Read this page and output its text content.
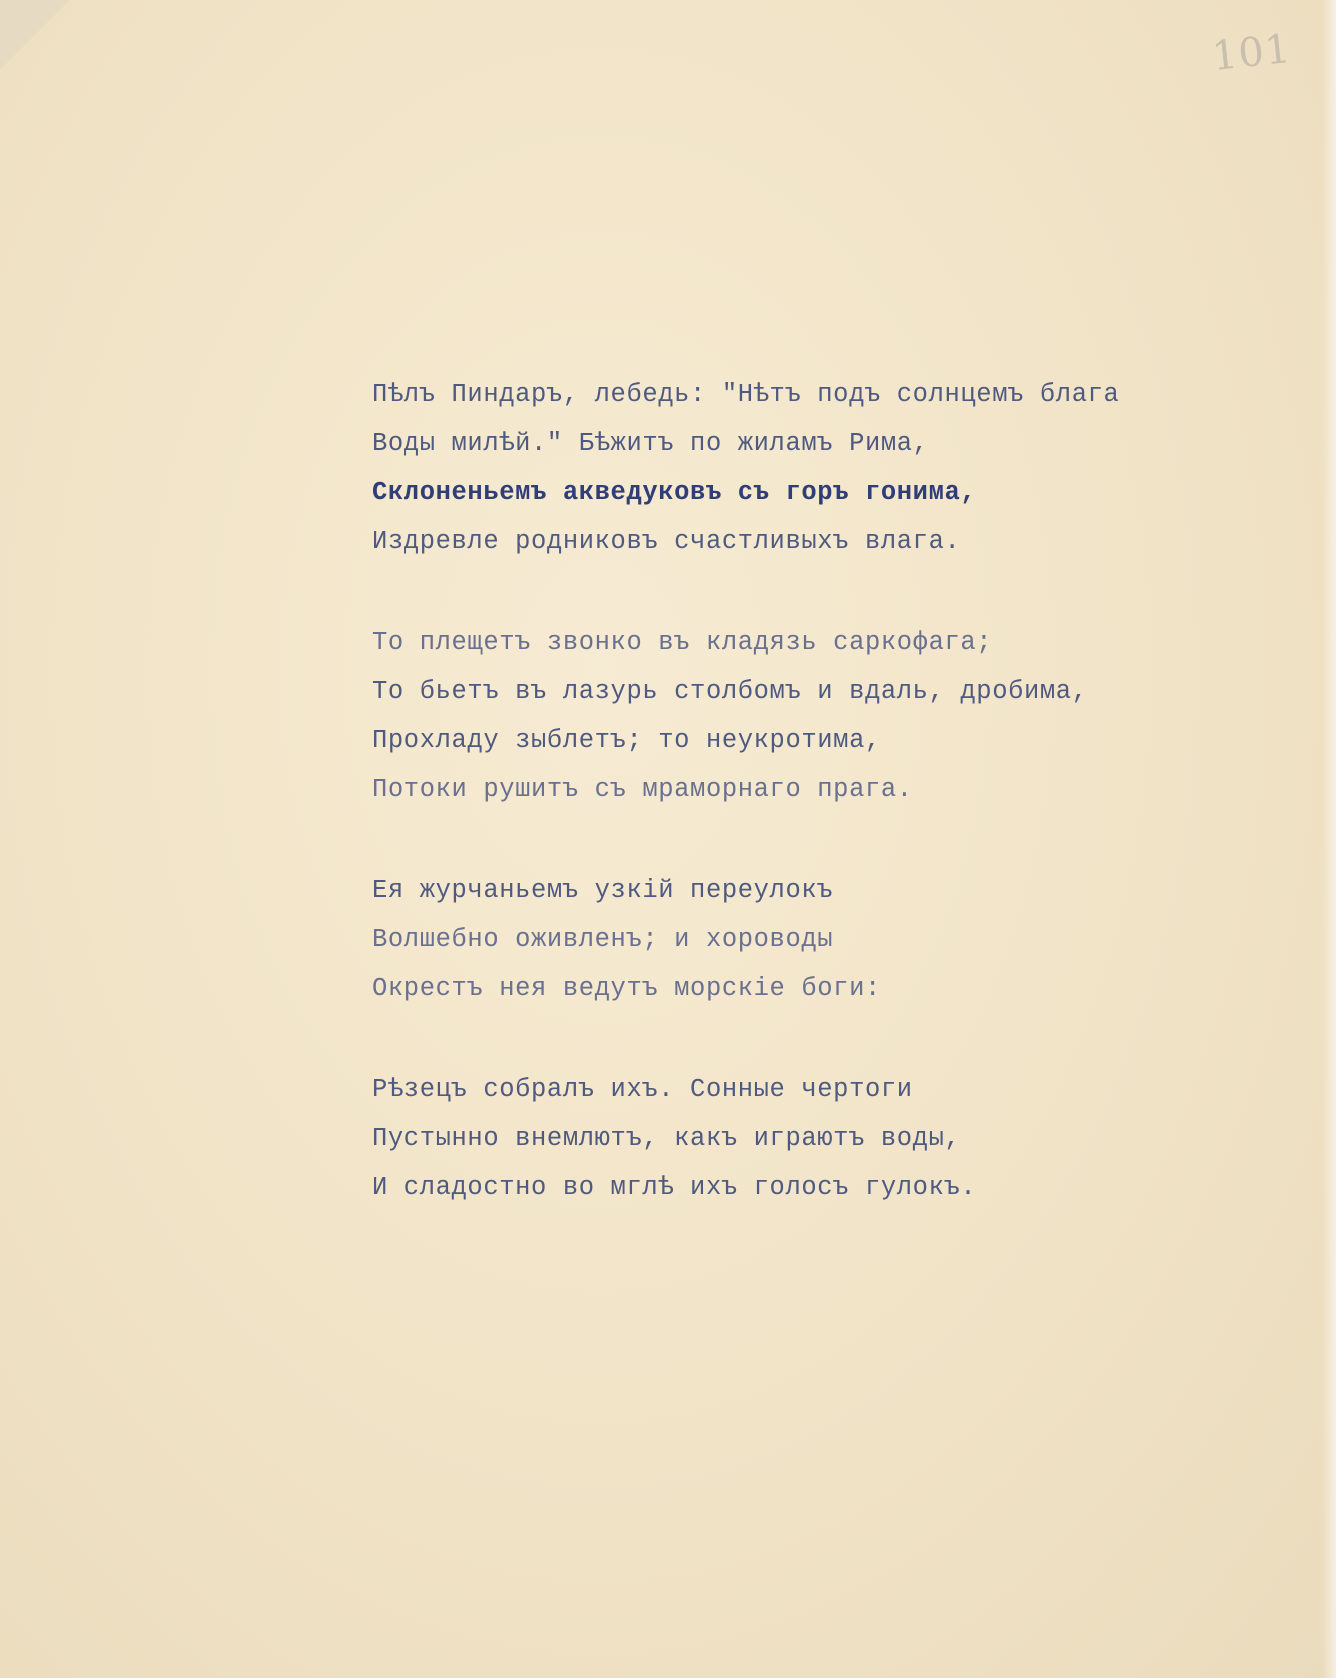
101
Пѣлъ Пиндаръ, лебедь: "Нѣтъ подъ солнцемъ блага
Воды милѣй." Бѣжитъ по жиламъ Рима,
Склоненьемъ акведуковъ съ горъ гонима,
Издревле родниковъ счастливыхъ влага.
То плещетъ звонко въ кладязь саркофага;
То бьетъ въ лазурь столбомъ и вдаль, дробима,
Прохладу зыблетъ; то неукротима,
Потоки рушитъ съ мраморнаго прага.
Ея журчаньемъ узкій переулокъ
Волшебно оживленъ; и хороводы
Окрестъ нея ведутъ морскіе боги:
Рѣзецъ собралъ ихъ. Сонные чертоги
Пустынно внемлютъ, какъ играютъ воды,
И сладостно во мглѣ ихъ голосъ гулокъ.
